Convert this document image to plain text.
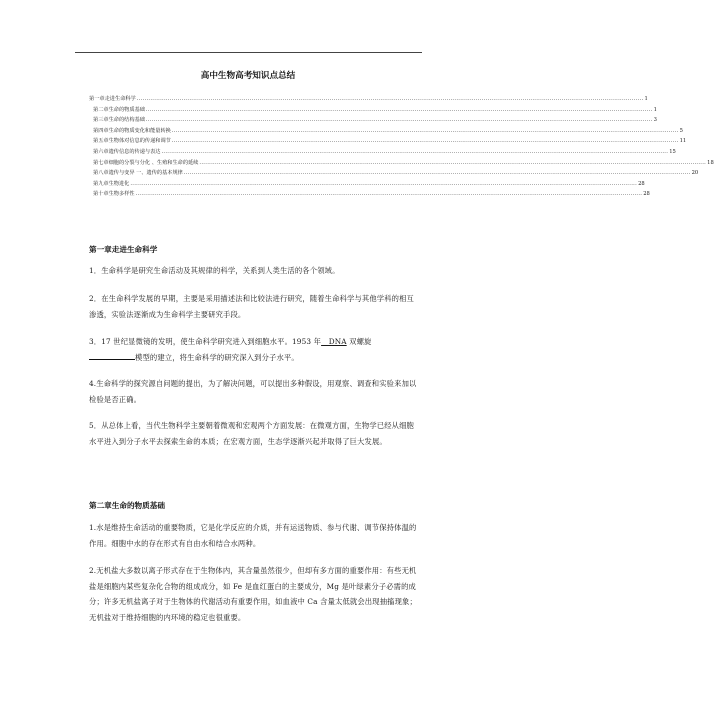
高中生物高考知识点总结
第一章走进生命科学 .................................................................................................................................................................................................................................................................... 1
第二章生命的物质基础 .................................................................................................................................................................................................................................................................... 1
第三章生命的结构基础 .................................................................................................................................................................................................................................................................... 3
第四章生命的物质变化和能量转换 .................................................................................................................................................................................................................................................................... 5
第五章生物体对信息的传递和调节 .................................................................................................................................................................................................................................................................... 11
第六章遗传信息的传递与表达 .................................................................................................................................................................................................................................................................... 15
第七章细胞的分裂与分化 、生殖和生命的延续 .................................................................................................................................................................................................................................................................... 18
第八章遗传与变异 一、遗传的基本规律 .................................................................................................................................................................................................................................................................... 20
第九章生物进化 .................................................................................................................................................................................................................................................................... 28
第十章生物多样性 .................................................................................................................................................................................................................................................................... 28
第一章走进生命科学

1．生命科学是研究生命活动及其规律的科学，关系到人类生活的各个领域。

2．在生命科学发展的早期，主要是采用描述法和比较法进行研究，随着生命科学与其他学科的相互渗透，实验法逐渐成为生命科学主要研究手段。

3．17 世纪显微镜的发明，使生命科学研究进入到细胞水平。1953 年__DNA 双螺旋
模型的建立，将生命科学的研究深入到分子水平。

4.生命科学的探究源自问题的提出，为了解决问题，可以提出多种假设，用观察、调查和实验来加以检验是否正确。

5．从总体上看，当代生物科学主要朝着微观和宏观两个方面发展：在微观方面，生物学已经从细胞水平进入到分子水平去探索生命的本质；在宏观方面，生态学逐渐兴起并取得了巨大发展。

第二章生命的物质基础

1.水是维持生命活动的重要物质，它是化学反应的介质，并有运送物质、参与代谢、调节保持体温的作用。细胞中水的存在形式有自由水和结合水两种。

2.无机盐大多数以离子形式存在于生物体内，其含量虽然很少，但却有多方面的重要作用：有些无机盐是细胞内某些复杂化合物的组成成分，如 Fe 是血红蛋白的主要成分，Mg 是叶绿素分子必需的成分；许多无机盐离子对于生物体的代谢活动有重要作用，如血液中 Ca 含量太低就会出现抽搐现象；无机盐对于维持细胞的内环境的稳定也很重要。
